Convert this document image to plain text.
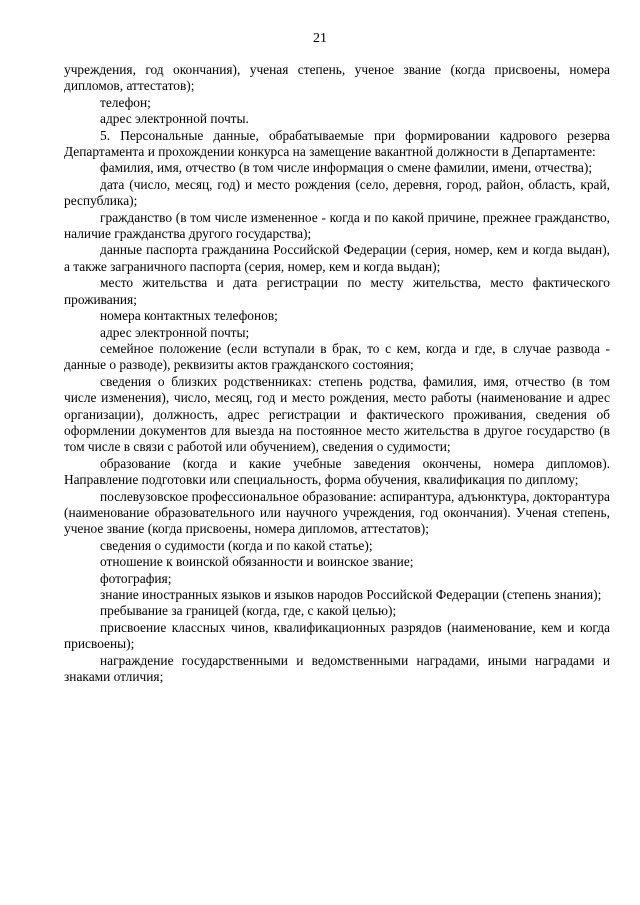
21

учреждения, год окончания), ученая степень, ученое звание (когда присвоены, номера дипломов, аттестатов);

телефон;

адрес электронной почты.

5. Персональные данные, обрабатываемые при формировании кадрового резерва Департамента и прохождении конкурса на замещение вакантной должности в Департаменте:

фамилия, имя, отчество (в том числе информация о смене фамилии, имени, отчества);

дата (число, месяц, год) и место рождения (село, деревня, город, район, область, край, республика);

гражданство (в том числе измененное - когда и по какой причине, прежнее гражданство, наличие гражданства другого государства);

данные паспорта гражданина Российской Федерации (серия, номер, кем и когда выдан), а также заграничного паспорта (серия, номер, кем и когда выдан);

место жительства и дата регистрации по месту жительства, место фактического проживания;

номера контактных телефонов;

адрес электронной почты;

семейное положение (если вступали в брак, то с кем, когда и где, в случае развода - данные о разводе), реквизиты актов гражданского состояния;

сведения о близких родственниках: степень родства, фамилия, имя, отчество (в том числе изменения), число, месяц, год и место рождения, место работы (наименование и адрес организации), должность, адрес регистрации и фактического проживания, сведения об оформлении документов для выезда на постоянное место жительства в другое государство (в том числе в связи с работой или обучением), сведения о судимости;

образование (когда и какие учебные заведения окончены, номера дипломов). Направление подготовки или специальность, форма обучения, квалификация по диплому;

послевузовское профессиональное образование: аспирантура, адъюнктура, докторантура (наименование образовательного или научного учреждения, год окончания). Ученая степень, ученое звание (когда присвоены, номера дипломов, аттестатов);

сведения о судимости (когда и по какой статье);

отношение к воинской обязанности и воинское звание;

фотография;

знание иностранных языков и языков народов Российской Федерации (степень знания);

пребывание за границей (когда, где, с какой целью);

присвоение классных чинов, квалификационных разрядов (наименование, кем и когда присвоены);

награждение государственными и ведомственными наградами, иными наградами и знаками отличия;
